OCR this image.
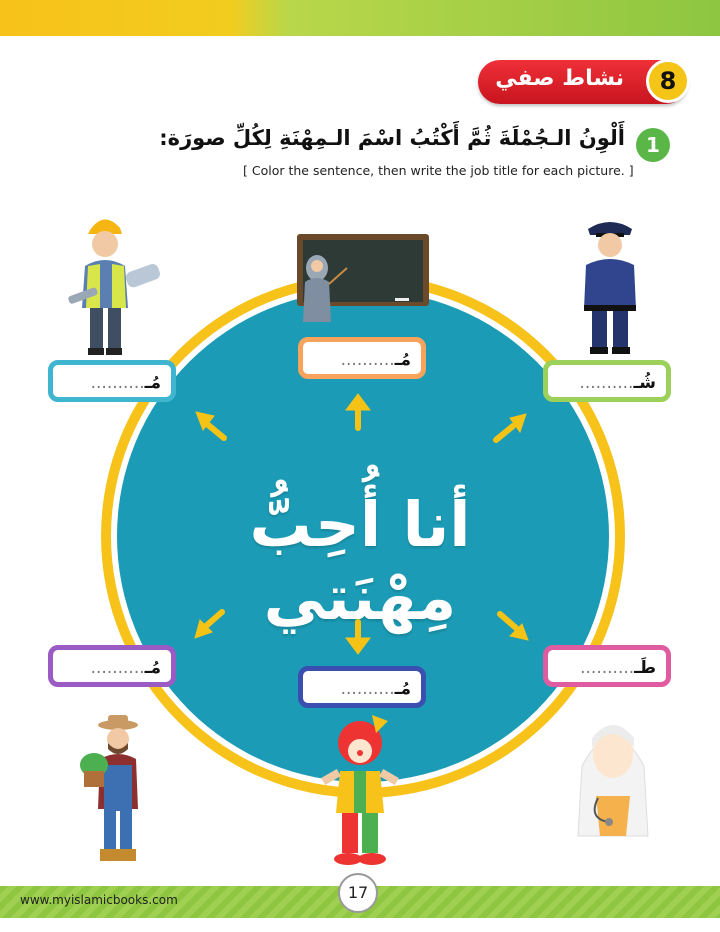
نشاط صفي	8
1
أَلْوِنُ الـجُمْلَةَ ثُمَّ أَكْتُبُ اسْمَ الـمِهْنَةِ لِكُلِّ صورَة:
[ Color the sentence, then write the job title for each picture. ]
أنا أُحِبُّ مِهْنَتي
مُـ..........
مُـ..........	شُـ..........
مُـ..........
مُـ..........
طَـ..........
www.myislamicbooks.com	17
